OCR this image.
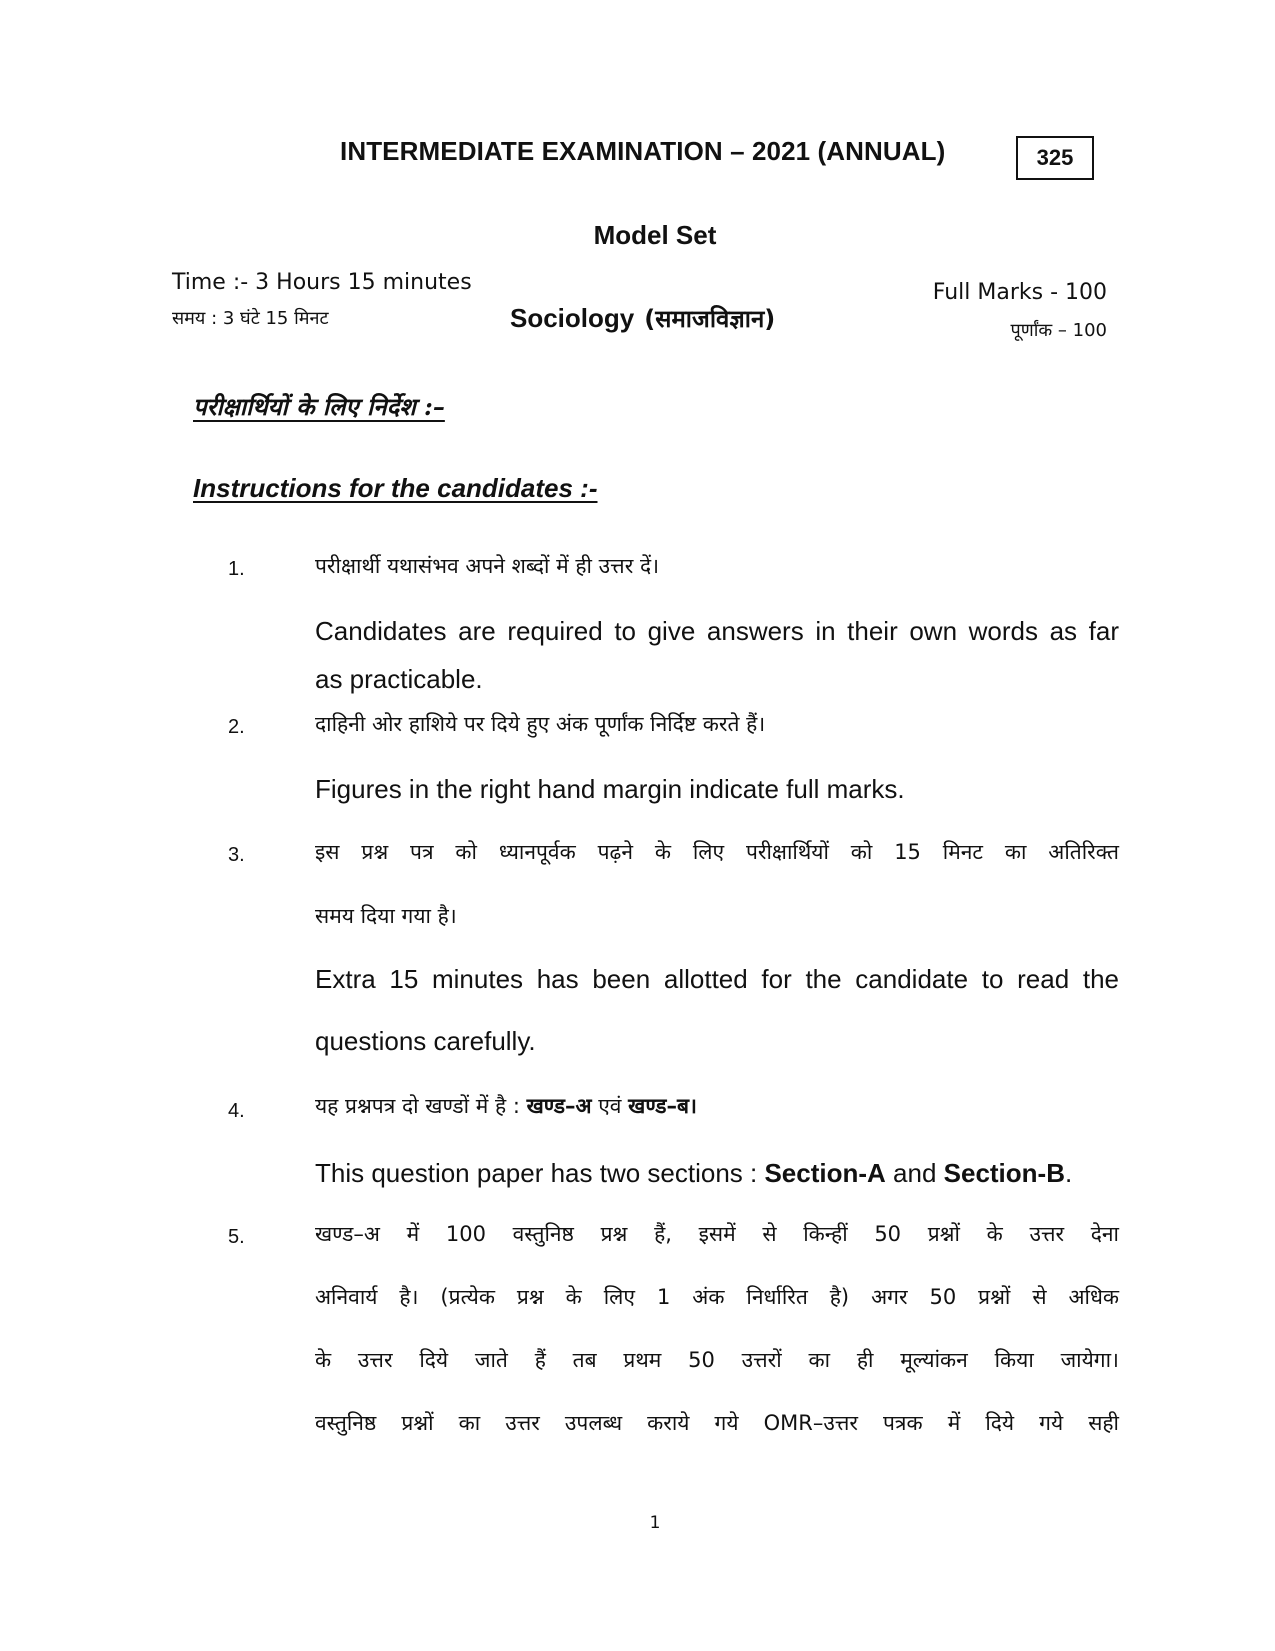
INTERMEDIATE EXAMINATION – 2021 (ANNUAL)	325
Model Set
Time :- 3 Hours 15 minutes
समय : 3 घंटे 15 मिनट	Sociology (समाजविज्ञान)
Full Marks - 100
पूर्णांक – 100
परीक्षार्थियों के लिए निर्देश :–
Instructions for the candidates :-
1.	परीक्षार्थी यथासंभव अपने शब्दों में ही उत्तर दें।
Candidates are required to give answers in their own words as far
as practicable.
2.	दाहिनी ओर हाशिये पर दिये हुए अंक पूर्णांक निर्दिष्ट करते हैं।
Figures in the right hand margin indicate full marks.
3.	इस प्रश्न पत्र को ध्यानपूर्वक पढ़ने के लिए परीक्षार्थियों को 15 मिनट का अतिरिक्त
समय दिया गया है।
Extra 15 minutes has been allotted for the candidate to read the
questions carefully.
4.	यह प्रश्नपत्र दो खण्डों में है : खण्ड–अ एवं खण्ड–ब।
This question paper has two sections : Section-A and Section-B.
5.	खण्ड–अ में 100 वस्तुनिष्ठ प्रश्न हैं, इसमें से किन्हीं 50 प्रश्नों के उत्तर देना
अनिवार्य है। (प्रत्येक प्रश्न के लिए 1 अंक निर्धारित है) अगर 50 प्रश्नों से अधिक
के उत्तर दिये जाते हैं तब प्रथम 50 उत्तरों का ही मूल्यांकन किया जायेगा।
वस्तुनिष्ठ प्रश्नों का उत्तर उपलब्ध कराये गये OMR–उत्तर पत्रक में दिये गये सही
1
